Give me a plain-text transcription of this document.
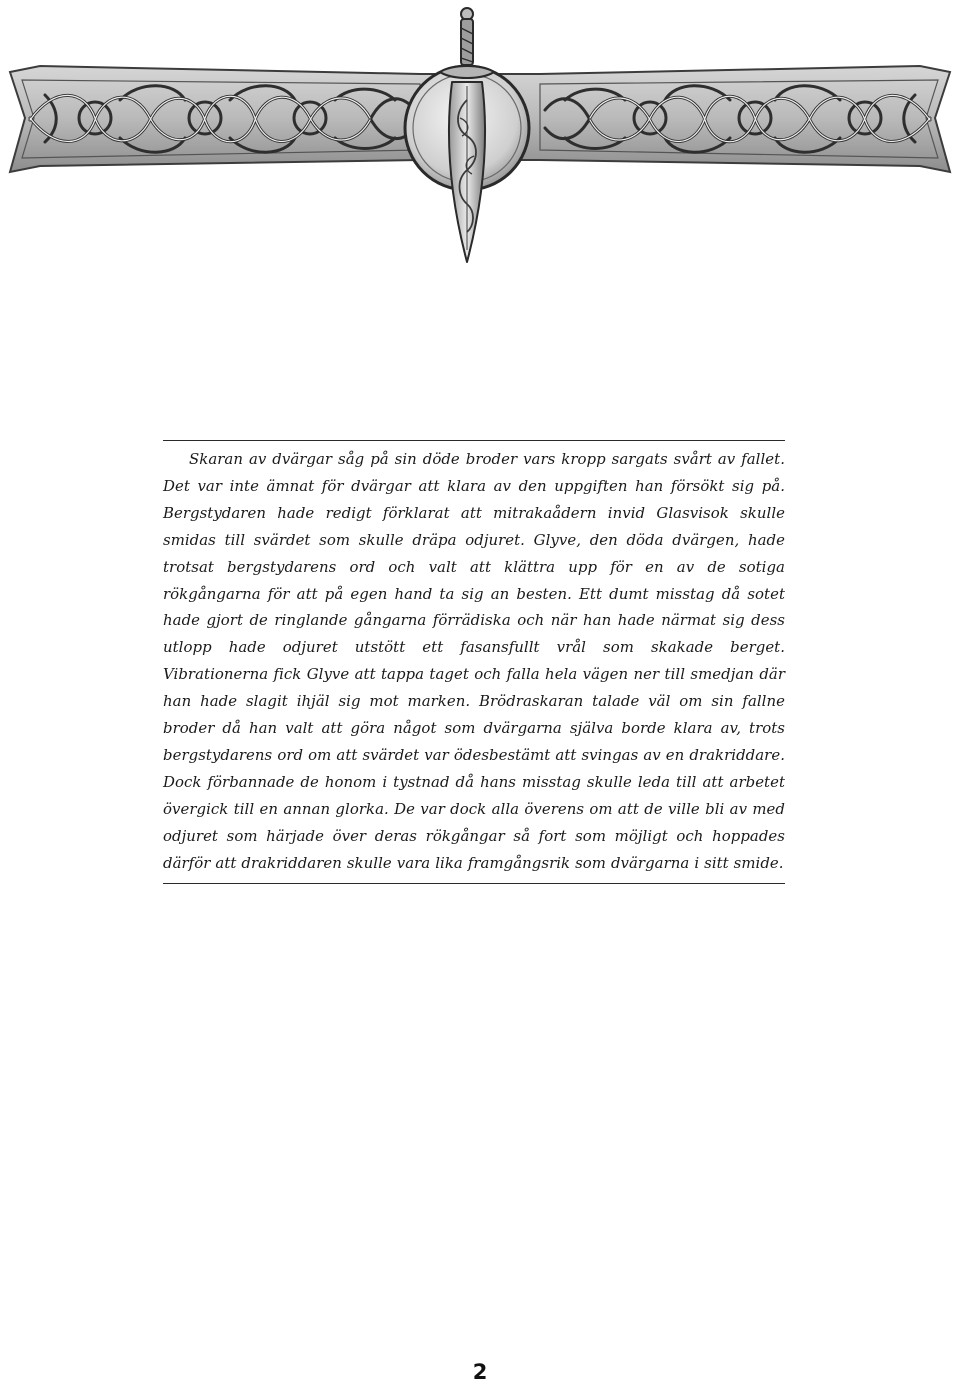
Skaran av dvärgar såg på sin döde broder vars kropp sargats svårt av fallet. Det var inte ämnat för dvärgar att klara av den uppgiften han försökt sig på. Bergstydaren hade redigt förklarat att mitrakaådern invid Glasvisok skulle smidas till svärdet som skulle dräpa odjuret. Glyve, den döda dvärgen, hade trotsat bergstydarens ord och valt att klättra upp för en av de sotiga rökgångarna för att på egen hand ta sig an besten. Ett dumt misstag då sotet hade gjort de ringlande gångarna förrädiska och när han hade närmat sig dess utlopp hade odjuret utstött ett fasansfullt vrål som skakade berget. Vibrationerna fick Glyve att tappa taget och falla hela vägen ner till smedjan där han hade slagit ihjäl sig mot marken. Brödraskaran talade väl om sin fallne broder då han valt att göra något som dvärgarna själva borde klara av, trots bergstydarens ord om att svärdet var ödesbestämt att svingas av en drakriddare. Dock förbannade de honom i tystnad då hans misstag skulle leda till att arbetet övergick till en annan glorka. De var dock alla överens om att de ville bli av med odjuret som härjade över deras rökgångar så fort som möjligt och hoppades därför att drakriddaren skulle vara lika framgångsrik som dvärgarna i sitt smide.

2
